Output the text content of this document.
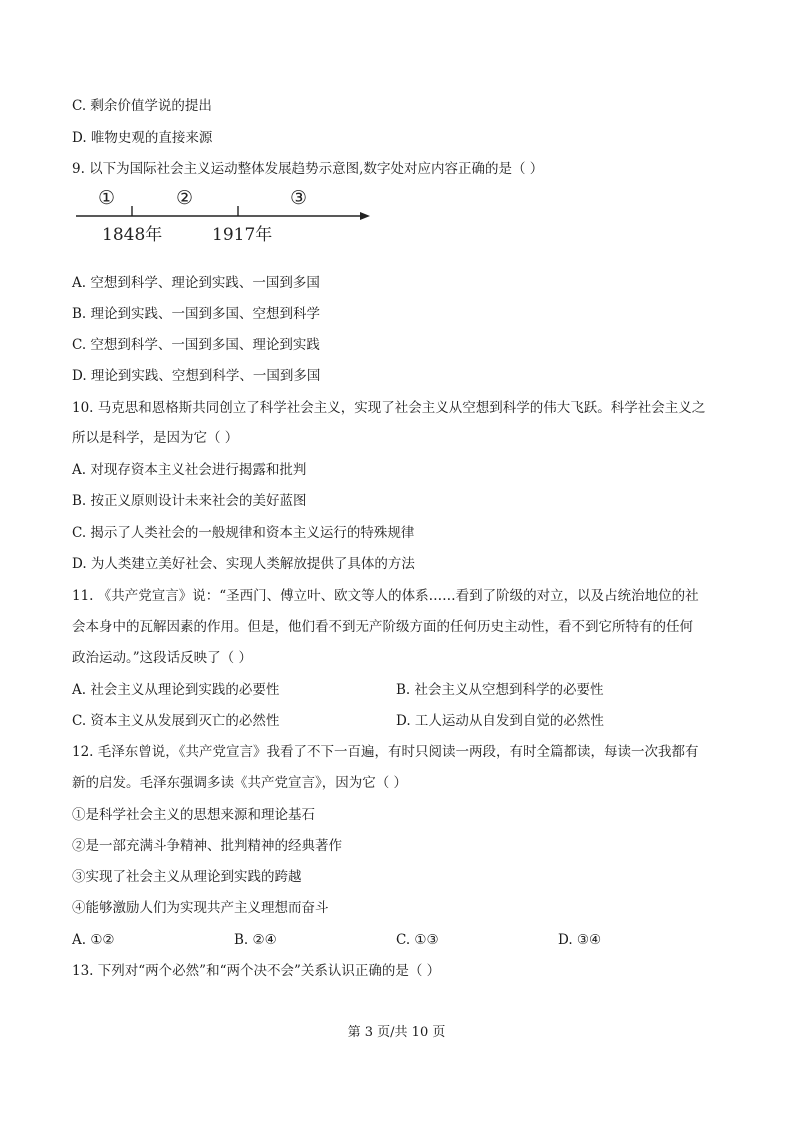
C. 剩余价值学说的提出
D. 唯物史观的直接来源
9. 以下为国际社会主义运动整体发展趋势示意图,数字处对应内容正确的是（ ）
①	②	③
1848年	1917年
A. 空想到科学、理论到实践、一国到多国
B. 理论到实践、一国到多国、空想到科学
C. 空想到科学、一国到多国、理论到实践
D. 理论到实践、空想到科学、一国到多国
10. 马克思和恩格斯共同创立了科学社会主义，实现了社会主义从空想到科学的伟大飞跃。科学社会主义之
所以是科学，是因为它（ ）
A. 对现存资本主义社会进行揭露和批判
B. 按正义原则设计未来社会的美好蓝图
C. 揭示了人类社会的一般规律和资本主义运行的特殊规律
D. 为人类建立美好社会、实现人类解放提供了具体的方法
11. 《共产党宣言》说：“圣西门、傅立叶、欧文等人的体系……看到了阶级的对立，以及占统治地位的社
会本身中的瓦解因素的作用。但是，他们看不到无产阶级方面的任何历史主动性，看不到它所特有的任何
政治运动。”这段话反映了（ ）
A. 社会主义从理论到实践的必要性	B. 社会主义从空想到科学的必要性
C. 资本主义从发展到灭亡的必然性	D. 工人运动从自发到自觉的必然性
12. 毛泽东曾说，《共产党宣言》我看了不下一百遍，有时只阅读一两段，有时全篇都读，每读一次我都有
新的启发。毛泽东强调多读《共产党宣言》，因为它（ ）
①是科学社会主义的思想来源和理论基石
②是一部充满斗争精神、批判精神的经典著作
③实现了社会主义从理论到实践的跨越
④能够激励人们为实现共产主义理想而奋斗
A. ①②	B. ②④	C. ①③	D. ③④
13. 下列对“两个必然”和“两个决不会”关系认识正确的是（ ）
第 3 页/共 10 页
